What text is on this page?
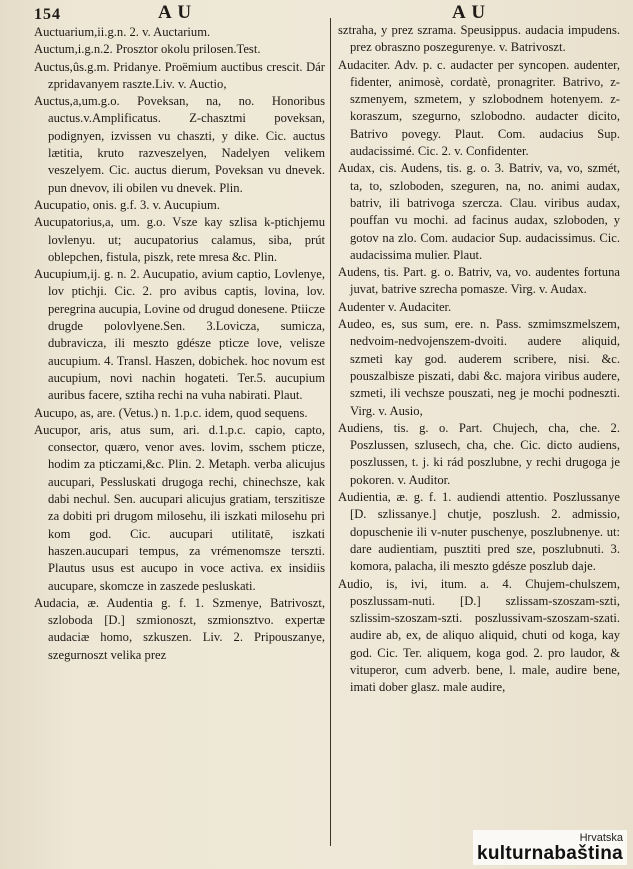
154	A U	A U

Auctuarium,ii.g.n. 2. v. Auctarium.

Auctum,i.g.n.2. Prosztor okolu prilosen.Test.

Auctus,ûs.g.m. Pridanye. Proëmium auctibus crescit. Dár zpridavanyem raszte.Liv. v. Auctio,

Auctus,a,um.g.o. Poveksan, na, no. Honoribus auctus.v.Amplificatus. Z-chasztmi poveksan, podignyen, izvissen vu chaszti, y dike. Cic. auctus lætitia, kruto razveszelyen, Nadelyen velikem veszelyem. Cic. auctus dierum, Poveksan vu dnevek. pun dnevov, ili obilen vu dnevek. Plin.

Aucupatio, onis. g.f. 3. v. Aucupium.

Aucupatorius,a, um. g.o. Vsze kay szlisa k-ptichjemu lovlenyu. ut; aucupatorius calamus, siba, prút oblepchen, fistula, piszk, rete mresa &c. Plin.

Aucupium,ij. g. n. 2. Aucupatio, avium captio, Lovlenye, lov ptichji. Cic. 2. pro avibus captis, lovina, lov. peregrina aucupia, Lovine od drugud donesene. Ptiicze drugde polovlyene.Sen. 3.Lovicza, sumicza, dubravicza, ili meszto gdésze pticze love, velisze aucupium. 4. Transl. Haszen, dobichek. hoc novum est aucupium, novi nachin hogateti. Ter.5. aucupium auribus facere, sztiha rechi na vuha nabirati. Plaut.

Aucupo, as, are. (Vetus.) n. 1.p.c. idem, quod sequens.

Aucupor, aris, atus sum, ari. d.1.p.c. capio, capto, consector, quæro, venor aves. lovim, sschem pticze, hodim za pticzami,&c. Plin. 2. Metaph. verba alicujus aucupari, Pessluskati drugoga rechi, chinechsze, kak dabi nechul. Sen. aucupari alicujus gratiam, terszitisze za dobiti pri drugom milosehu, ili iszkati milosehu pri kom god. Cic. aucupari utilitatē, iszkati haszen.aucupari tempus, za vrémenomsze terszti. Plautus usus est aucupo in voce activa. ex insidiis aucupare, skomcze in zaszede pesluskati.

Audacia, æ. Audentia g. f. 1. Szmenye, Batrivoszt, szloboda [D.] szmionoszt, szmionsztvo. expertæ audaciæ homo, szkuszen. Liv. 2. Pripouszanye, szegurnoszt velika prez

sztraha, y prez szrama. Speusippus. audacia impudens. prez obraszno poszegurenye. v. Batrivoszt.

Audaciter. Adv. p. c. audacter per syncopen. audenter, fidenter, animosè, cordatè, pronagriter. Batrivo, z-szmenyem, szmetem, y szlobodnem hotenyem. z-koraszum, szegurno, szlobodno. audacter dicito, Batrivo povegy. Plaut. Com. audacius Sup. audacissimé. Cic. 2. v. Confidenter.

Audax, cis. Audens, tis. g. o. 3. Batriv, va, vo, szmét, ta, to, szloboden, szeguren, na, no. animi audax, batriv, ili batrivoga szercza. Clau. viribus audax, pouffan vu mochi. ad facinus audax, szloboden, y gotov na zlo. Com. audacior Sup. audacissimus. Cic. audacissima mulier. Plaut.

Audens, tis. Part. g. o. Batriv, va, vo. audentes fortuna juvat, batrive szrecha pomasze. Virg. v. Audax.

Audenter v. Audaciter.

Audeo, es, sus sum, ere. n. Pass. szmimszmelszem, nedvoim-nedvojenszem-dvoiti. audere aliquid, szmeti kay god. auderem scribere, nisi. &c. pouszalbisze piszati, dabi &c. majora viribus audere, szmeti, ili vechsze pouszati, neg je mochi podneszti. Virg. v. Ausio,

Audiens, tis. g. o. Part. Chujech, cha, che. 2. Poszlussen, szlusech, cha, che. Cic. dicto audiens, poszlussen, t. j. ki rád poszlubne, y rechi drugoga je pokoren. v. Auditor.

Audientia, æ. g. f. 1. audiendi attentio. Poszlussanye [D. szlissanye.] chutje, poszlush. 2. admissio, dopuschenie ili v-nuter puschenye, poszlubnenye. ut: dare audientiam, pusztiti pred sze, poszlubnuti. 3. komora, palacha, ili meszto gdésze poszlub daje.

Audio, is, ivi, itum. a. 4. Chujem-chulszem, poszlussam-nuti. [D.] szlissam-szoszam-szti, szlissim-szoszam-szti. poszlussivam-szoszam-szati. audire ab, ex, de aliquo aliquid, chuti od koga, kay god. Cic. Ter. aliquem, koga god. 2. pro laudor, & vituperor, cum adverb. bene, l. male, audire bene, imati dober glasz. male audire,

Hrvatska
kulturnabaština
